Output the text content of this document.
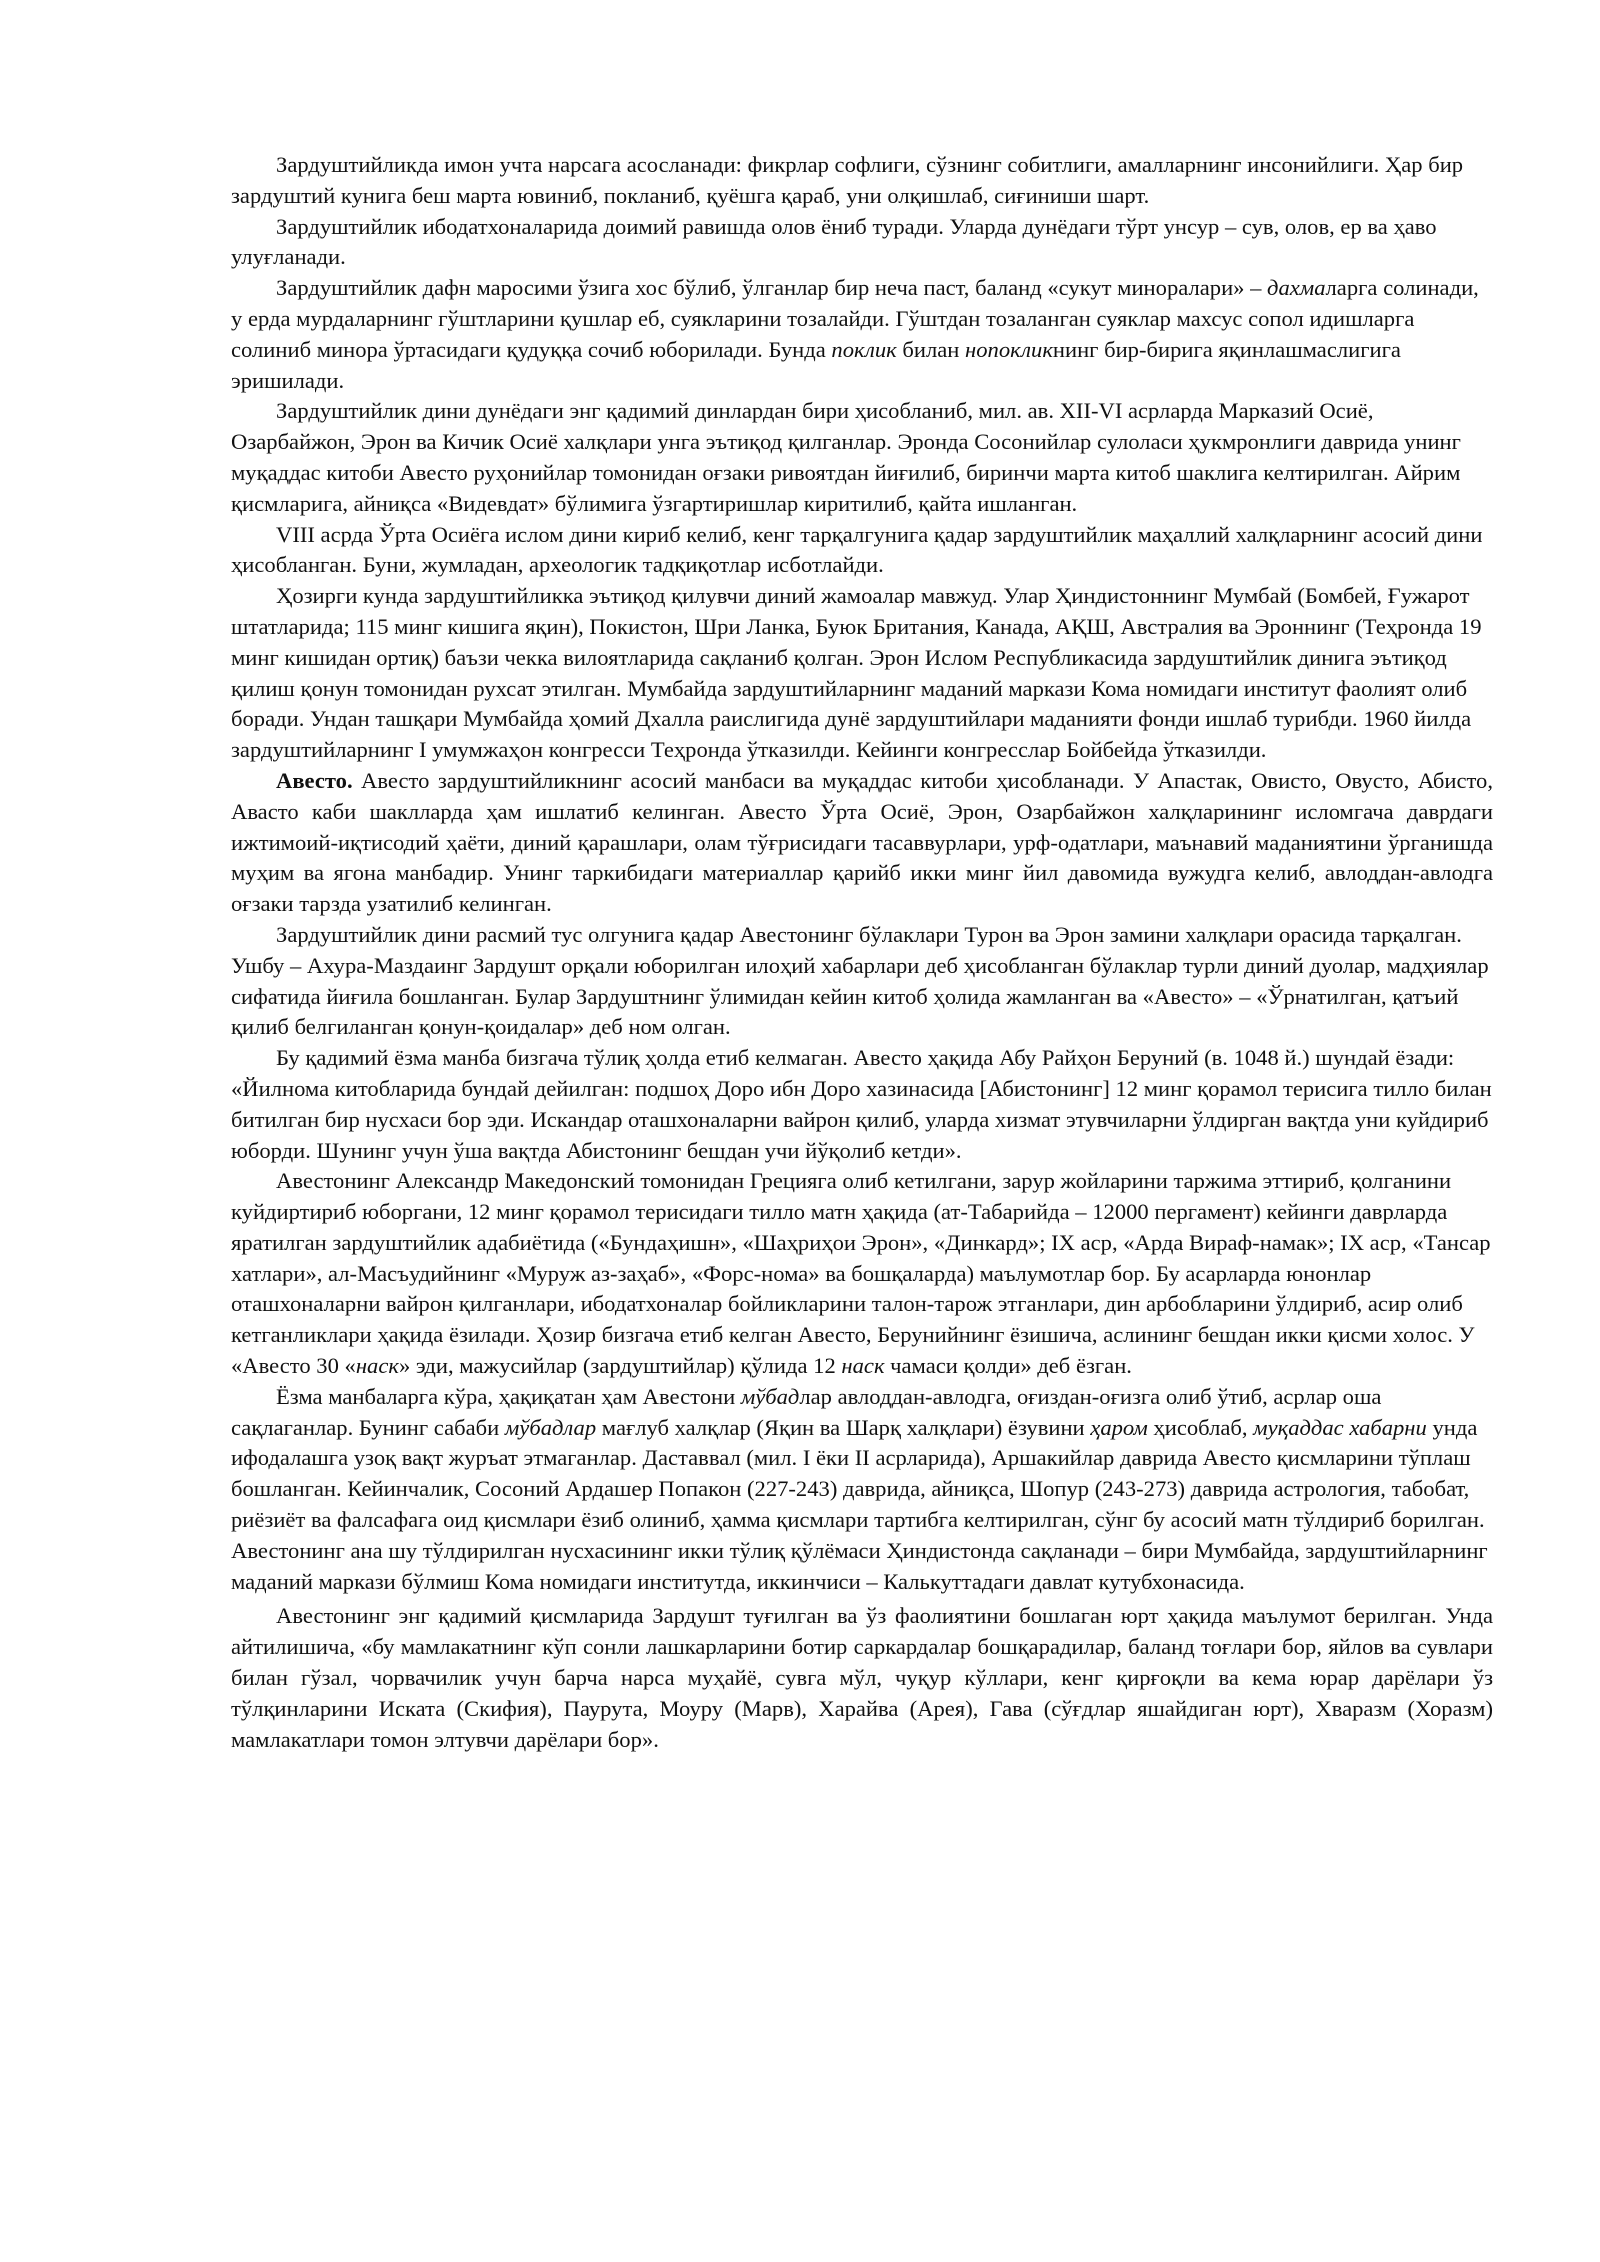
Зардуштийликда имон учта нарсага асосланади: фикрлар софлиги, сўзнинг собитлиги, амалларнинг инсонийлиги. Ҳар бир зардуштий кунига беш марта ювиниб, покланиб, қуёшга қараб, уни олқишлаб, сиғиниши шарт.

Зардуштийлик ибодатхоналарида доимий равишда олов ёниб туради. Уларда дунёдаги тўрт унсур – сув, олов, ер ва ҳаво улуғланади.

Зардуштийлик дафн маросими ўзига хос бўлиб, ўлганлар бир неча паст, баланд «сукут миноралари» – дахмаларга солинади, у ерда мурдаларнинг гўштларини қушлар еб, суякларини тозалайди. Гўштдан тозаланган суяклар махсус сопол идишларга солиниб минора ўртасидаги қудуққа сочиб юборилади. Бунда поклик билан нопокликнинг бир-бирига яқинлашмаслигига эришилади.

Зардуштийлик дини дунёдаги энг қадимий динлардан бири ҳисобланиб, мил. ав. XII-VI асрларда Марказий Осиё, Озарбайжон, Эрон ва Кичик Осиё халқлари унга эътиқод қилганлар. Эронда Сосонийлар сулоласи ҳукмронлиги даврида унинг муқаддас китоби Авесто руҳонийлар томонидан оғзаки ривоятдан йиғилиб, биринчи марта китоб шаклига келтирилган. Айрим қисмларига, айниқса «Видевдат» бўлимига ўзгартиришлар киритилиб, қайта ишланган.

VIII асрда Ўрта Осиёга ислом дини кириб келиб, кенг тарқалгунига қадар зардуштийлик маҳаллий халқларнинг асосий дини ҳисобланган. Буни, жумладан, археологик тадқиқотлар исботлайди.

Ҳозирги кунда зардуштийликка эътиқод қилувчи диний жамоалар мавжуд. Улар Ҳиндистоннинг Мумбай (Бомбей, Ғужарот штатларида; 115 минг кишига яқин), Покистон, Шри Ланка, Буюк Британия, Канада, АҚШ, Австралия ва Эроннинг (Теҳронда 19 минг кишидан ортиқ) баъзи чекка вилоятларида сақланиб қолган. Эрон Ислом Республикасида зардуштийлик динига эътиқод қилиш қонун томонидан рухсат этилган. Мумбайда зардуштийларнинг маданий маркази Кома номидаги институт фаолият олиб боради. Ундан ташқари Мумбайда ҳомий Дхалла раислигида дунё зардуштийлари маданияти фонди ишлаб турибди. 1960 йилда зардуштийларнинг I умумжаҳон конгресси Теҳронда ўтказилди. Кейинги конгресслар Бойбейда ўтказилди.

Авесто. Авесто зардуштийликнинг асосий манбаси ва муқаддас китоби ҳисобланади. У Апастак, Овисто, Овусто, Абисто, Авасто каби шаклларда ҳам ишлатиб келинган. Авесто Ўрта Осиё, Эрон, Озарбайжон халқларининг исломгача даврдаги ижтимоий-иқтисодий ҳаёти, диний қарашлари, олам тўғрисидаги тасаввурлари, урф-одатлари, маънавий маданиятини ўрганишда муҳим ва ягона манбадир. Унинг таркибидаги материаллар қарийб икки минг йил давомида вужудга келиб, авлоддан-авлодга оғзаки тарзда узатилиб келинган.

Зардуштийлик дини расмий тус олгунига қадар Авестонинг бўлаклари Турон ва Эрон замини халқлари орасида тарқалган. Ушбу – Ахура-Маздаинг Зардушт орқали юборилган илоҳий хабарлари деб ҳисобланган бўлаклар турли диний дуолар, мадҳиялар сифатида йиғила бошланган. Булар Зардуштнинг ўлимидан кейин китоб ҳолида жамланган ва «Авесто» – «Ўрнатилган, қатъий қилиб белгиланган қонун-қоидалар» деб ном олган.

Бу қадимий ёзма манба бизгача тўлиқ ҳолда етиб келмаган. Авесто ҳақида Абу Райҳон Беруний (в. 1048 й.) шундай ёзади: «Йилнома китобларида бундай дейилган: подшоҳ Доро ибн Доро хазинасида [Абистонинг] 12 минг қорамол терисига тилло билан битилган бир нусхаси бор эди. Искандар оташхоналарни вайрон қилиб, уларда хизмат этувчиларни ўлдирган вақтда уни куйдириб юборди. Шунинг учун ўша вақтда Абистонинг бешдан учи йўқолиб кетди».

Авестонинг Александр Македонский томонидан Грецияга олиб кетилгани, зарур жойларини таржима эттириб, қолганини куйдиртириб юборгани, 12 минг қорамол терисидаги тилло матн ҳақида (ат-Табарийда – 12000 пергамент) кейинги даврларда яратилган зардуштийлик адабиётида («Бундаҳишн», «Шаҳриҳои Эрон», «Динкард»; IX аср, «Арда Вираф-намак»; IX аср, «Тансар хатлари», ал-Масъудийнинг «Муруж аз-заҳаб», «Форс-нома» ва бошқаларда) маълумотлар бор. Бу асарларда юнонлар оташхоналарни вайрон қилганлари, ибодатхоналар бойликларини талон-тарож этганлари, дин арбобларини ўлдириб, асир олиб кетганликлари ҳақида ёзилади. Ҳозир бизгача етиб келган Авесто, Берунийнинг ёзишича, аслининг бешдан икки қисми холос. У «Авесто 30 «наск» эди, мажусийлар (зардуштийлар) қўлида 12 наск чамаси қолди» деб ёзган.

Ёзма манбаларга кўра, ҳақиқатан ҳам Авестони мўбадлар авлоддан-авлодга, оғиздан-оғизга олиб ўтиб, асрлар оша сақлаганлар. Бунинг сабаби мўбадлар мағлуб халқлар (Яқин ва Шарқ халқлари) ёзувини ҳаром ҳисоблаб, муқаддас хабарни унда ифодалашга узоқ вақт журъат этмаганлар. Даставвал (мил. I ёки II асрларида), Аршакийлар даврида Авесто қисмларини тўплаш бошланган. Кейинчалик, Сосоний Ардашер Попакон (227-243) даврида, айниқса, Шопур (243-273) даврида астрология, табобат, риёзиёт ва фалсафага оид қисмлари ёзиб олиниб, ҳамма қисмлари тартибга келтирилган, сўнг бу асосий матн тўлдириб борилган. Авестонинг ана шу тўлдирилган нусхасининг икки тўлиқ қўлёмаси Ҳиндистонда сақланади – бири Мумбайда, зардуштийларнинг маданий маркази бўлмиш Кома номидаги институтда, иккинчиси – Калькуттадаги давлат кутубхонасида.

Авестонинг энг қадимий қисмларида Зардушт туғилган ва ўз фаолиятини бошлаган юрт ҳақида маълумот берилган. Унда айтилишича, «бу мамлакатнинг кўп сонли лашкарларини ботир саркардалар бошқарадилар, баланд тоғлари бор, яйлов ва сувлари билан гўзал, чорвачилик учун барча нарса муҳайё, сувга мўл, чуқур кўллари, кенг қирғоқли ва кема юрар дарёлари ўз тўлқинларини Иската (Скифия), Паурута, Моуру (Марв), Харайва (Арея), Гава (сўғдлар яшайдиган юрт), Хваразм (Хоразм) мамлакатлари томон элтувчи дарёлари бор».
